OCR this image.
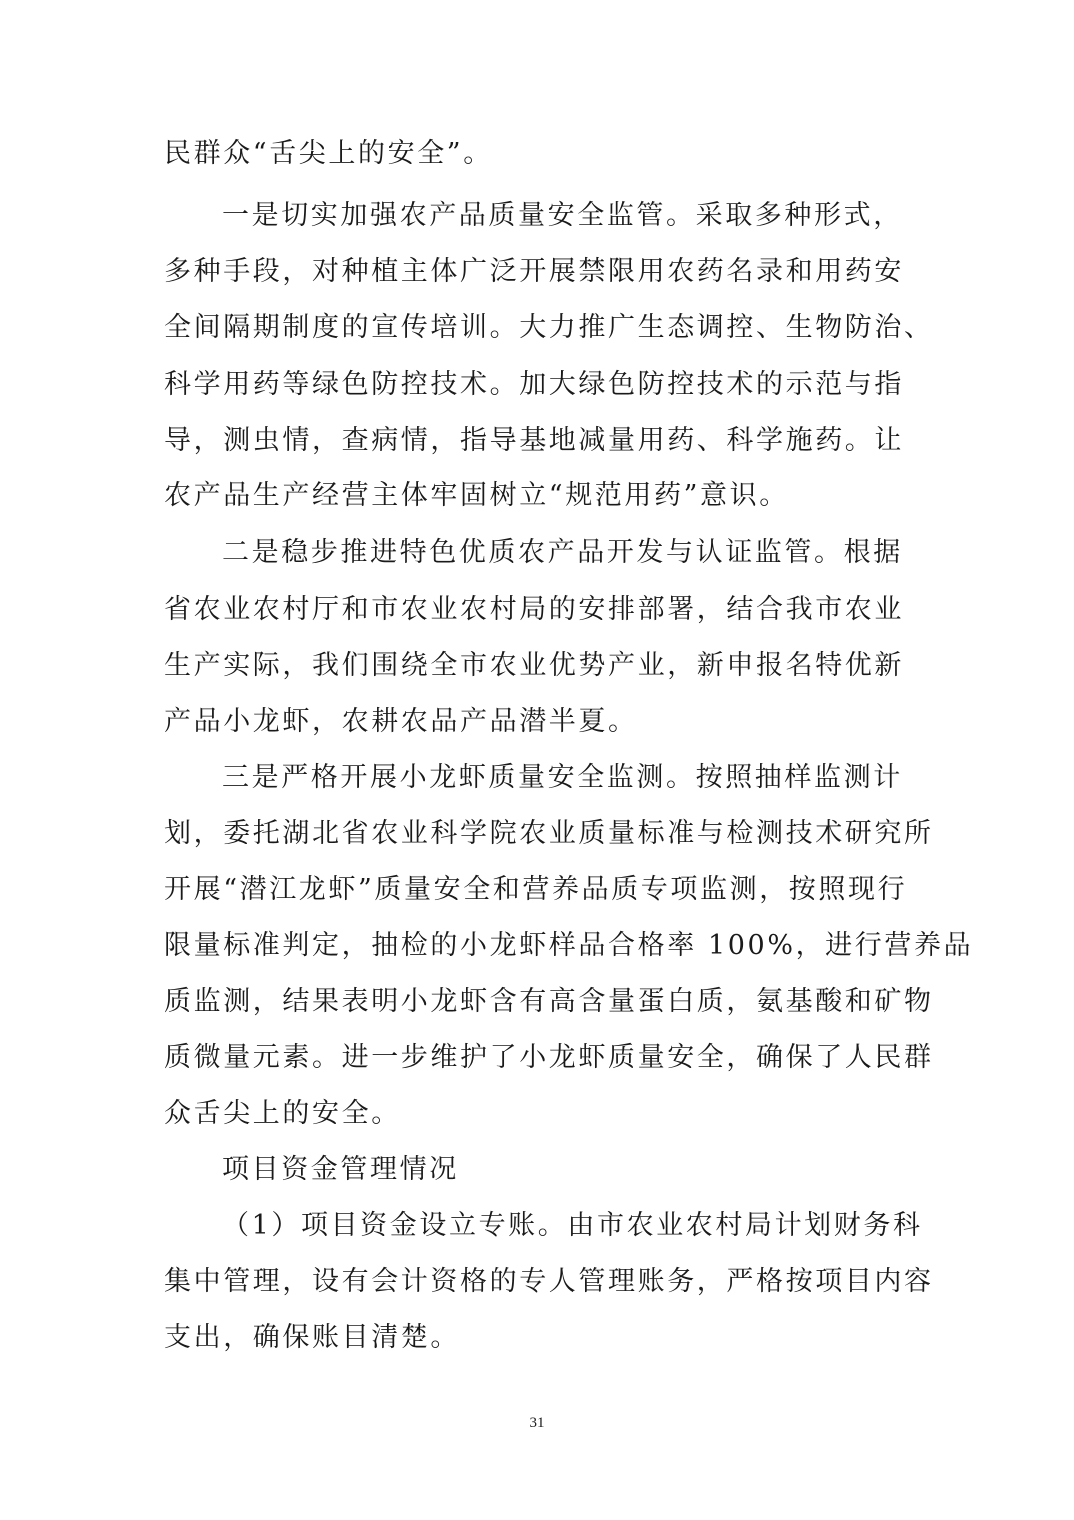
民群众“舌尖上的安全”。
一是切实加强农产品质量安全监管。采取多种形式，
多种手段，对种植主体广泛开展禁限用农药名录和用药安
全间隔期制度的宣传培训。大力推广生态调控、生物防治、
科学用药等绿色防控技术。加大绿色防控技术的示范与指
导，测虫情，查病情，指导基地减量用药、科学施药。让
农产品生产经营主体牢固树立“规范用药”意识。
二是稳步推进特色优质农产品开发与认证监管。根据
省农业农村厅和市农业农村局的安排部署，结合我市农业
生产实际，我们围绕全市农业优势产业，新申报名特优新
产品小龙虾，农耕农品产品潜半夏。
三是严格开展小龙虾质量安全监测。按照抽样监测计
划，委托湖北省农业科学院农业质量标准与检测技术研究所
开展“潜江龙虾”质量安全和营养品质专项监测，按照现行
限量标准判定，抽检的小龙虾样品合格率 100%，进行营养品
质监测，结果表明小龙虾含有高含量蛋白质，氨基酸和矿物
质微量元素。进一步维护了小龙虾质量安全，确保了人民群
众舌尖上的安全。
项目资金管理情况
（1）项目资金设立专账。由市农业农村局计划财务科
集中管理，设有会计资格的专人管理账务，严格按项目内容
支出，确保账目清楚。
31
